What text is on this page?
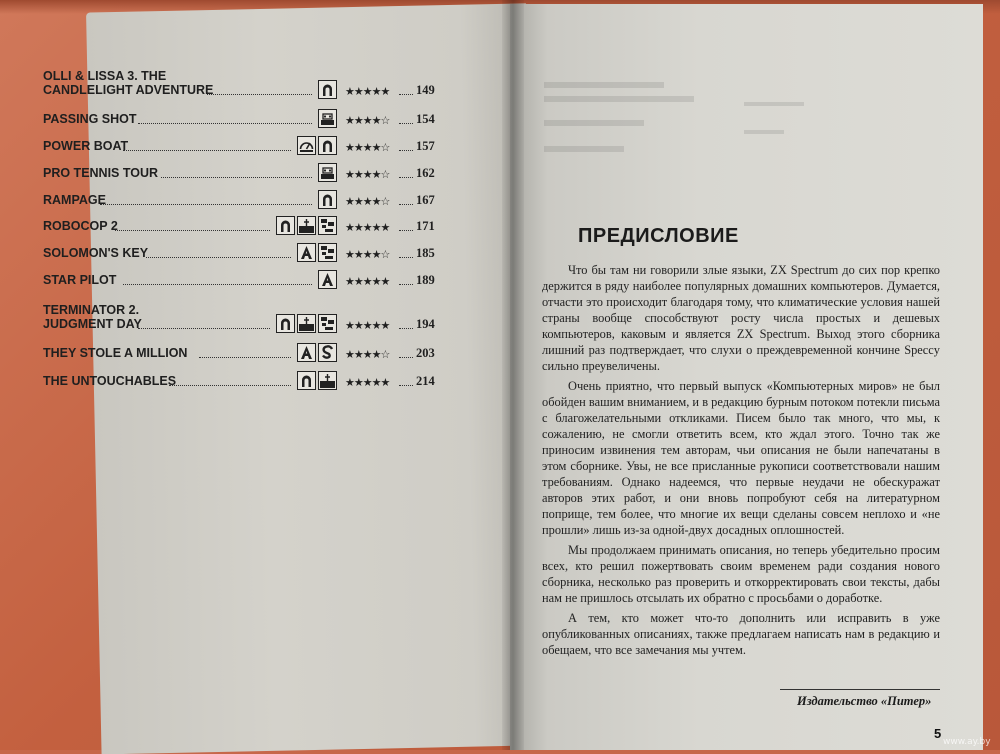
OLLI & LISSA 3. THE
CANDLELIGHT ADVENTURE	★★★★★ 149
PASSING SHOT	★★★★☆ 154
POWER BOAT	★★★★☆ 157
PRO TENNIS TOUR	★★★★☆ 162
RAMPAGE	★★★★☆ 167
ROBOCOP 2	★★★★★ 171
SOLOMON'S KEY	★★★★☆ 185
STAR PILOT	★★★★★ 189
TERMINATOR 2.
JUDGMENT DAY	★★★★★ 194
THEY STOLE A MILLION	★★★★☆ 203
THE UNTOUCHABLES	★★★★★ 214
ПРЕДИСЛОВИЕ

Что бы там ни говорили злые языки, ZX Spectrum до сих пор крепко держится в ряду наиболее популярных домашних компьютеров. Думается, отчасти это происходит благодаря тому, что климатические условия нашей страны вообще способствуют росту числа простых и дешевых компьютеров, каковым и является ZX Spectrum. Выход этого сборника лишний раз подтверждает, что слухи о преждевременной кончине Speccy сильно преувеличены.

Очень приятно, что первый выпуск «Компьютерных миров» не был обойден вашим вниманием, и в редакцию бурным потоком потекли письма с благожелательными откликами. Писем было так много, что мы, к сожалению, не смогли ответить всем, кто ждал этого. Точно так же приносим извинения тем авторам, чьи описания не были напечатаны в этом сборнике. Увы, не все присланные рукописи соответствовали нашим требованиям. Однако надеемся, что первые неудачи не обескуражат авторов этих работ, и они вновь попробуют себя на литературном поприще, тем более, что многие их вещи сделаны совсем неплохо и «не прошли» лишь из-за одной-двух досадных оплошностей.

Мы продолжаем принимать описания, но теперь убедительно просим всех, кто решил пожертвовать своим временем ради создания нового сборника, несколько раз проверить и откорректировать свои тексты, дабы нам не пришлось отсылать их обратно с просьбами о доработке.

А тем, кто может что-то дополнить или исправить в уже опубликованных описаниях, также предлагаем написать нам в редакцию и обещаем, что все замечания мы учтем.

Издательство «Питер»
5
www.ay.by
